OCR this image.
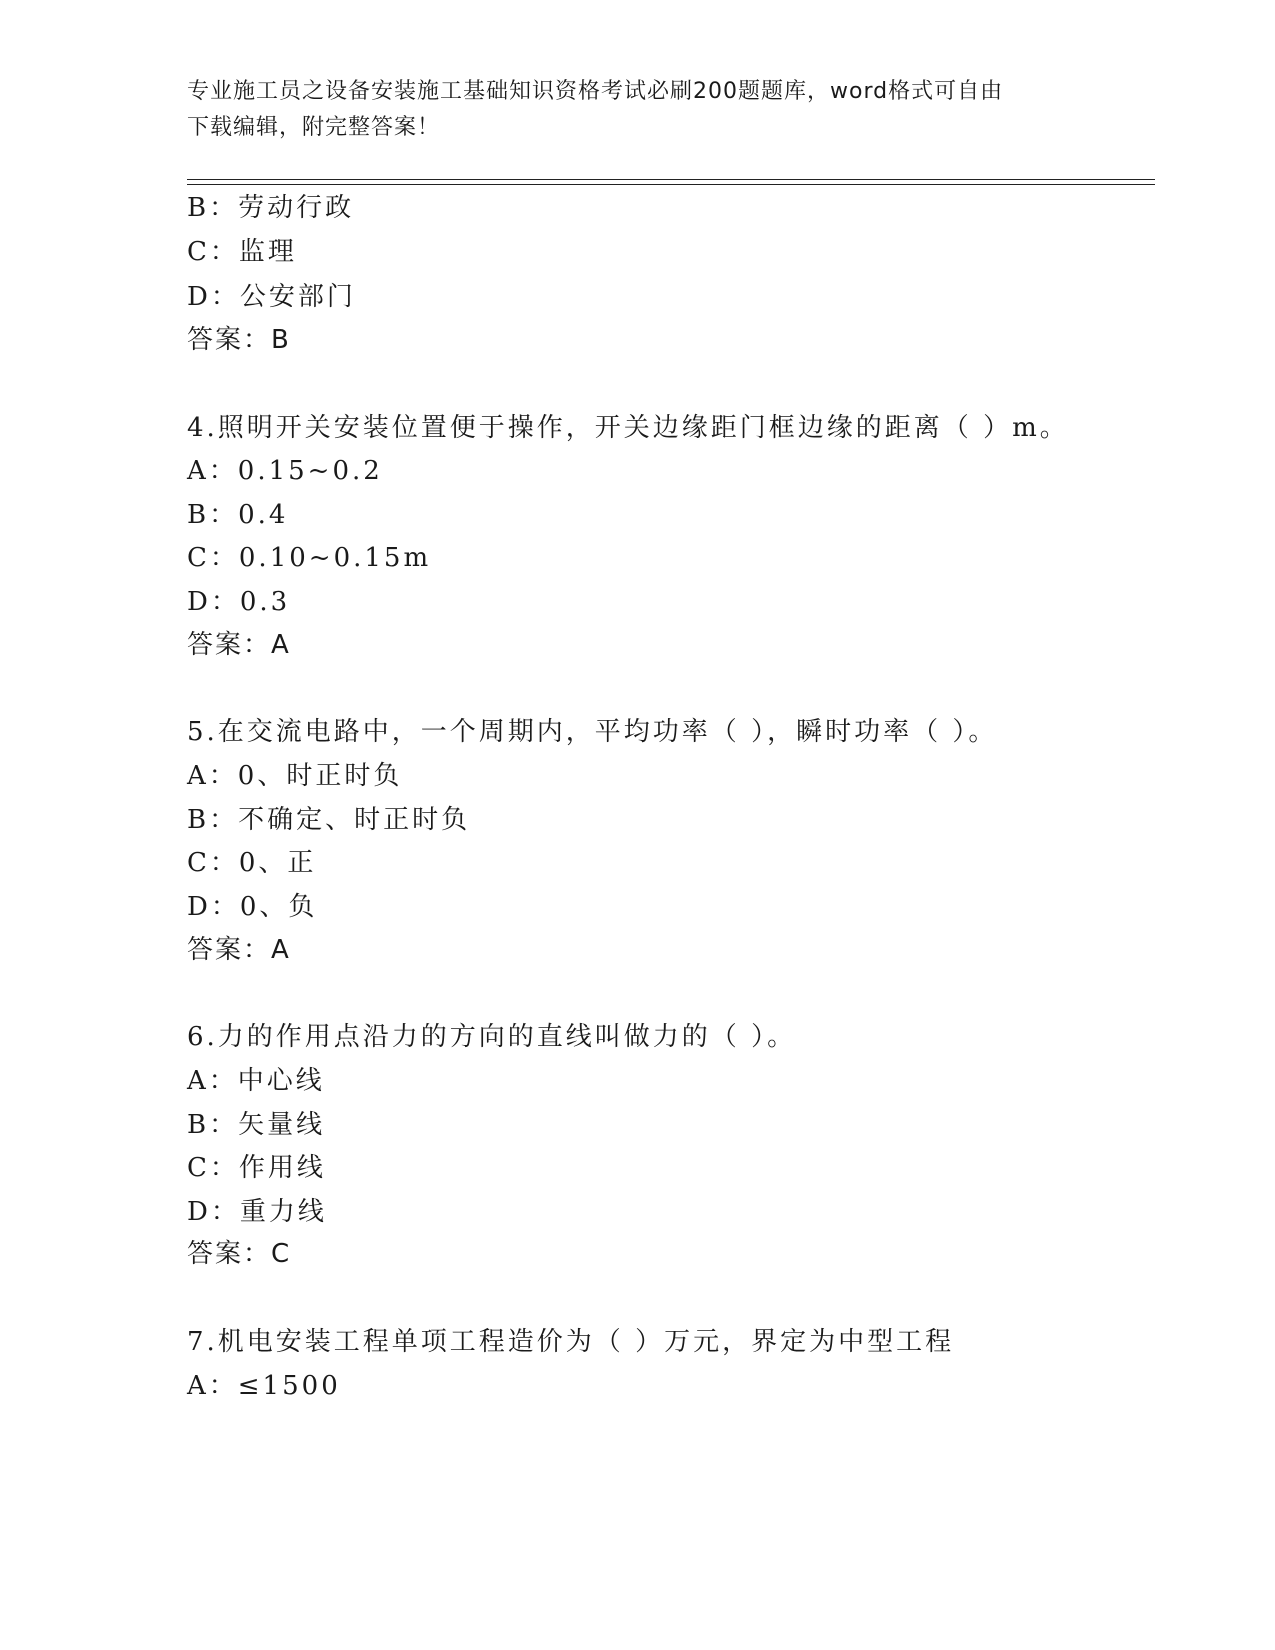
专业施工员之设备安装施工基础知识资格考试必刷200题题库，word格式可自由
下载编辑，附完整答案！
B：劳动行政
C：监理
D：公安部门
答案：B
4.照明开关安装位置便于操作，开关边缘距门框边缘的距离（ ）m。
A：0.15~0.2
B：0.4
C：0.10~0.15m
D：0.3
答案：A
5.在交流电路中，一个周期内，平均功率（ ），瞬时功率（ ）。
A：0、时正时负
B：不确定、时正时负
C：0、正
D：0、负
答案：A
6.力的作用点沿力的方向的直线叫做力的（ ）。
A：中心线
B：矢量线
C：作用线
D：重力线
答案：C
7.机电安装工程单项工程造价为（ ）万元，界定为中型工程
A：≤1500
